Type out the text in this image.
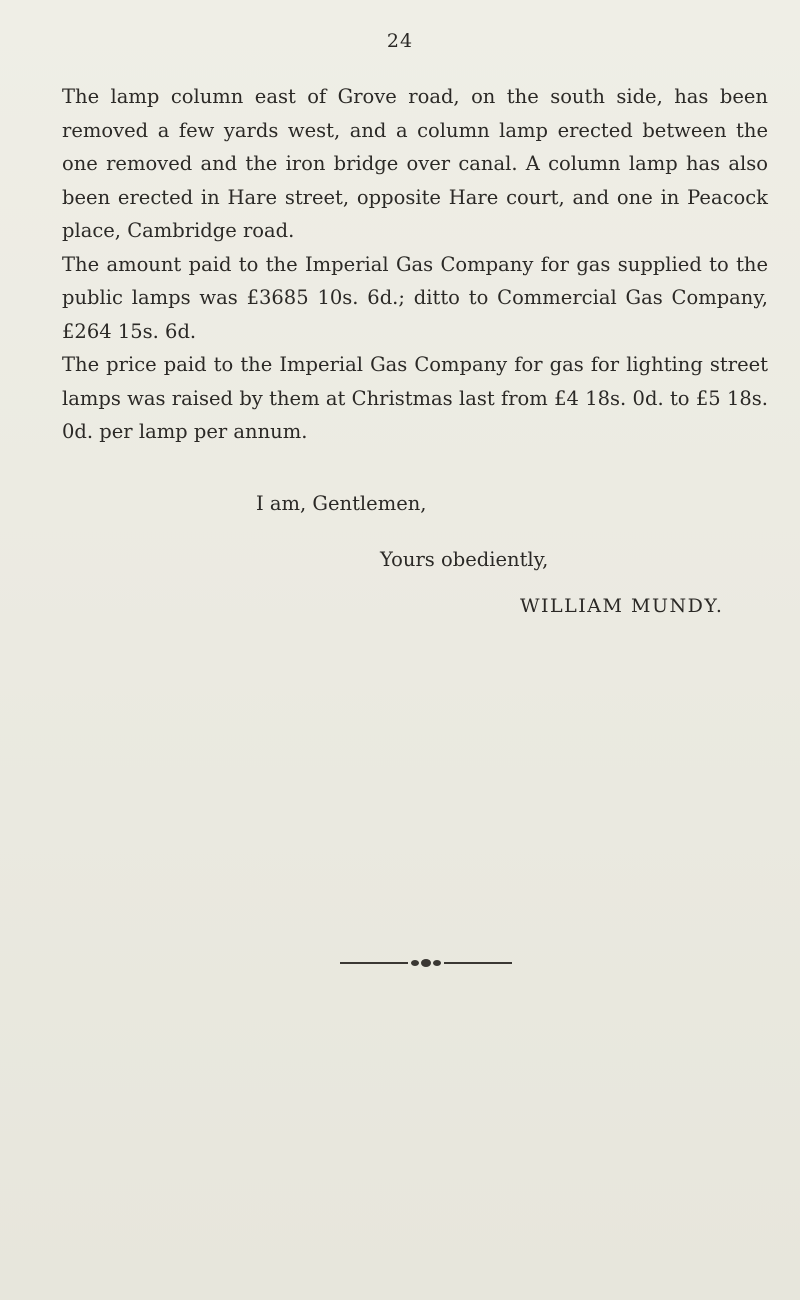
24

The lamp column east of Grove road, on the south side, has been removed a few yards west, and a column lamp erected between the one removed and the iron bridge over canal. A column lamp has also been erected in Hare street, opposite Hare court, and one in Peacock place, Cambridge road.

The amount paid to the Imperial Gas Company for gas supplied to the public lamps was £3685 10s. 6d.; ditto to Commercial Gas Company, £264 15s. 6d.

The price paid to the Imperial Gas Company for gas for lighting street lamps was raised by them at Christmas last from £4 18s. 0d. to £5 18s. 0d. per lamp per annum.

I am, Gentlemen,
Yours obediently,
WILLIAM MUNDY.
